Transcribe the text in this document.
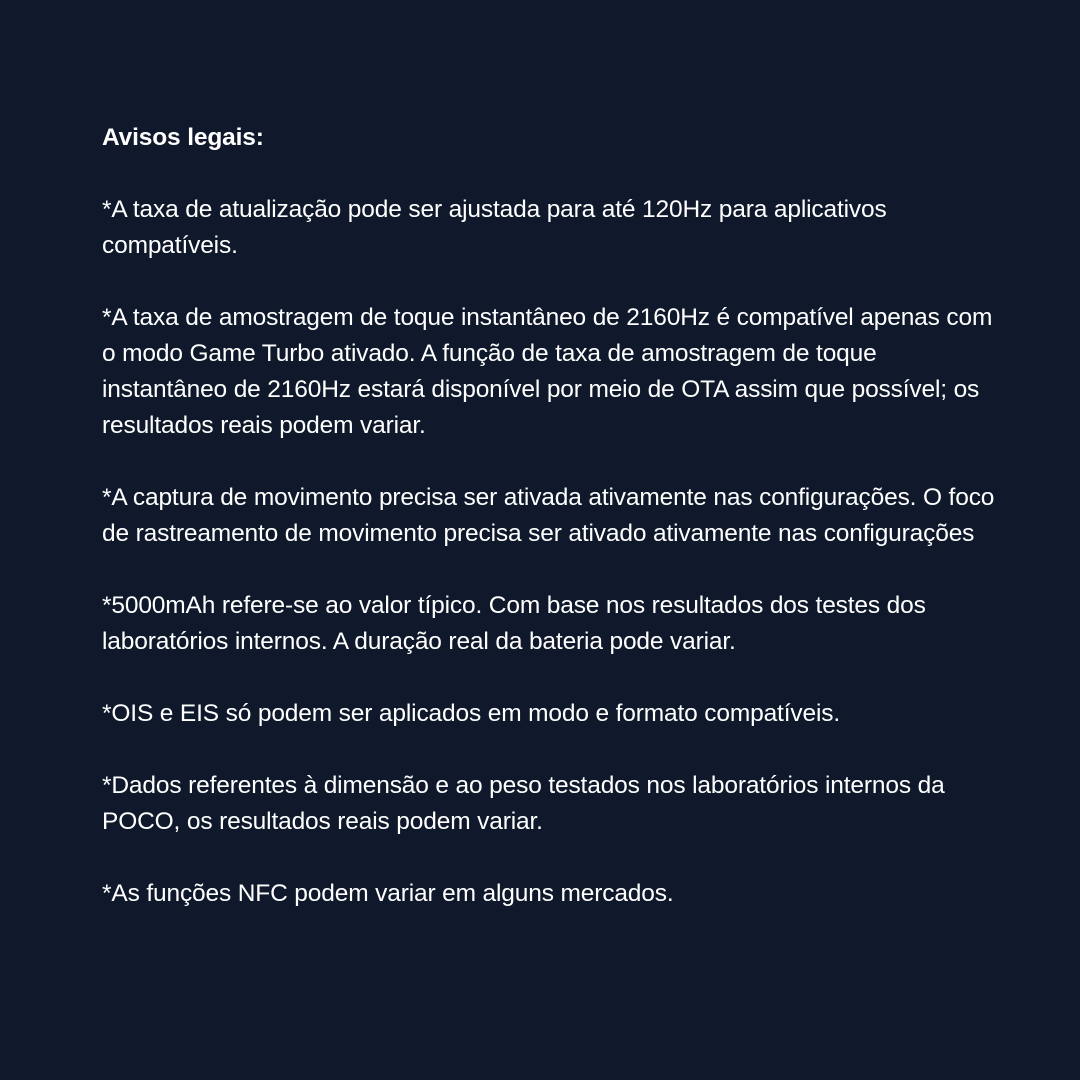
Avisos legais:

*A taxa de atualização pode ser ajustada para até 120Hz para aplicativos compatíveis.

*A taxa de amostragem de toque instantâneo de 2160Hz é compatível apenas com o modo Game Turbo ativado. A função de taxa de amostragem de toque instantâneo de 2160Hz estará disponível por meio de OTA assim que possível; os resultados reais podem variar.

*A captura de movimento precisa ser ativada ativamente nas configurações. O foco de rastreamento de movimento precisa ser ativado ativamente nas configurações

*5000mAh refere-se ao valor típico. Com base nos resultados dos testes dos laboratórios internos. A duração real da bateria pode variar.

*OIS e EIS só podem ser aplicados em modo e formato compatíveis.

*Dados referentes à dimensão e ao peso testados nos laboratórios internos da POCO, os resultados reais podem variar.

*As funções NFC podem variar em alguns mercados.
